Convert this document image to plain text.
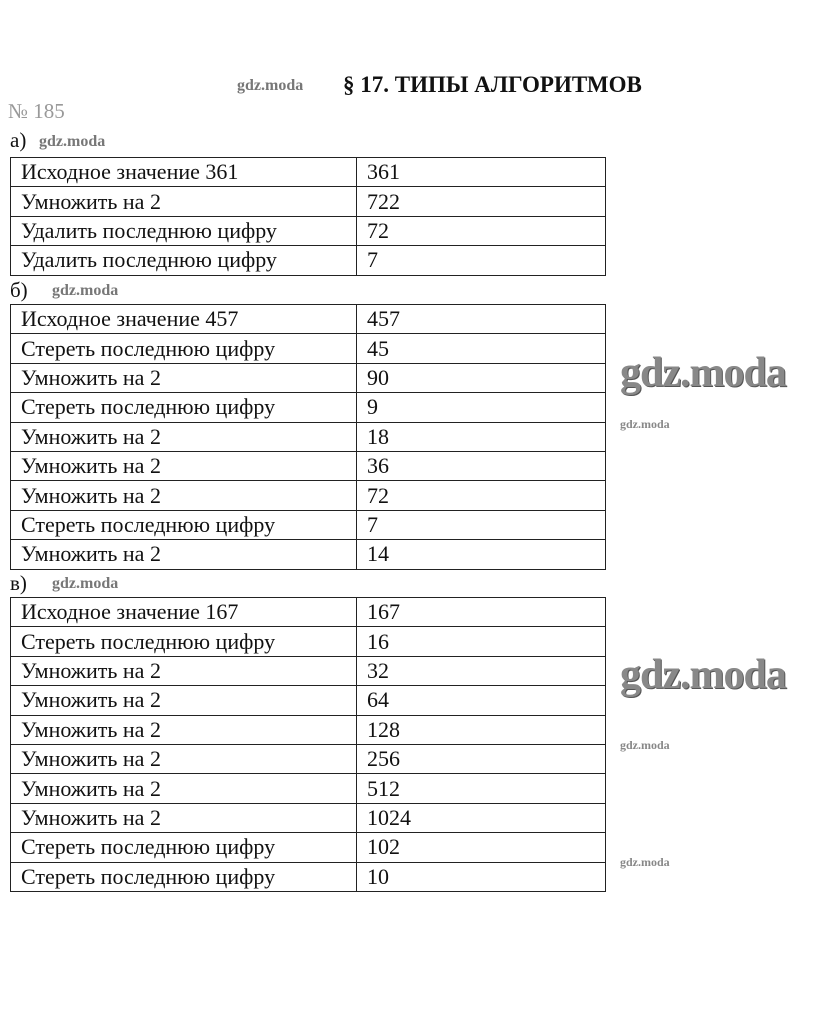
gdz.moda § 17. ТИПЫ АЛГОРИТМОВ
№ 185
а) gdz.moda
Исходное значение 361	361
Умножить на 2	722
Удалить последнюю цифру	72
Удалить последнюю цифру	7
б) gdz.moda
Исходное значение 457	457
Стереть последнюю цифру	45
Умножить на 2	90
Стереть последнюю цифру	9
Умножить на 2	18
Умножить на 2	36
Умножить на 2	72
Стереть последнюю цифру	7
Умножить на 2	14
в) gdz.moda
Исходное значение 167	167
Стереть последнюю цифру	16
Умножить на 2	32
Умножить на 2	64
Умножить на 2	128
Умножить на 2	256
Умножить на 2	512
Умножить на 2	1024
Стереть последнюю цифру	102
Стереть последнюю цифру	10
gdz.moda
gdz.moda
gdz.moda
gdz.moda
gdz.moda
